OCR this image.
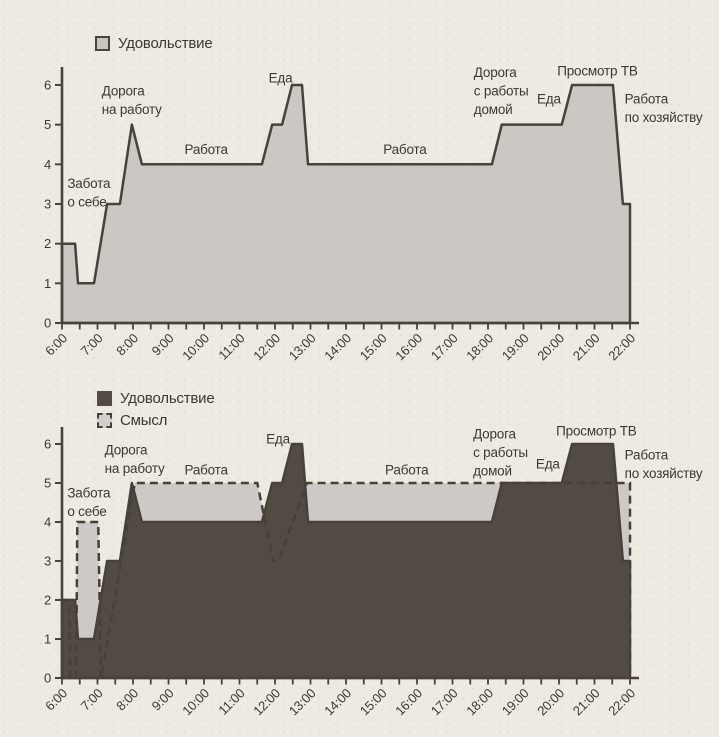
0
1
2
3
4
5
6
6:00 7:00 8:00 9:00 10:00 11:00 12:00 13:00 14:00 15:00 16:00 17:00 18:00 19:00 20:00 21:00 22:00
Забота
о себе
Дорога
на работу
Работа
Еда
Работа
Дорога
с работы
домой
Еда
Просмотр ТВ
Работа
по хозяйству
0
1
2
3
4
5
6
6:00 7:00 8:00 9:00 10:00 11:00 12:00 13:00 14:00 15:00 16:00 17:00 18:00 19:00 20:00 21:00 22:00
Забота
о себе
Дорога
на работу Работа
Еда
Работа
Дорога
с работы
домой Еда
Просмотр ТВ
Работа
по хозяйству
Удовольствие
Удовольствие
Смысл
